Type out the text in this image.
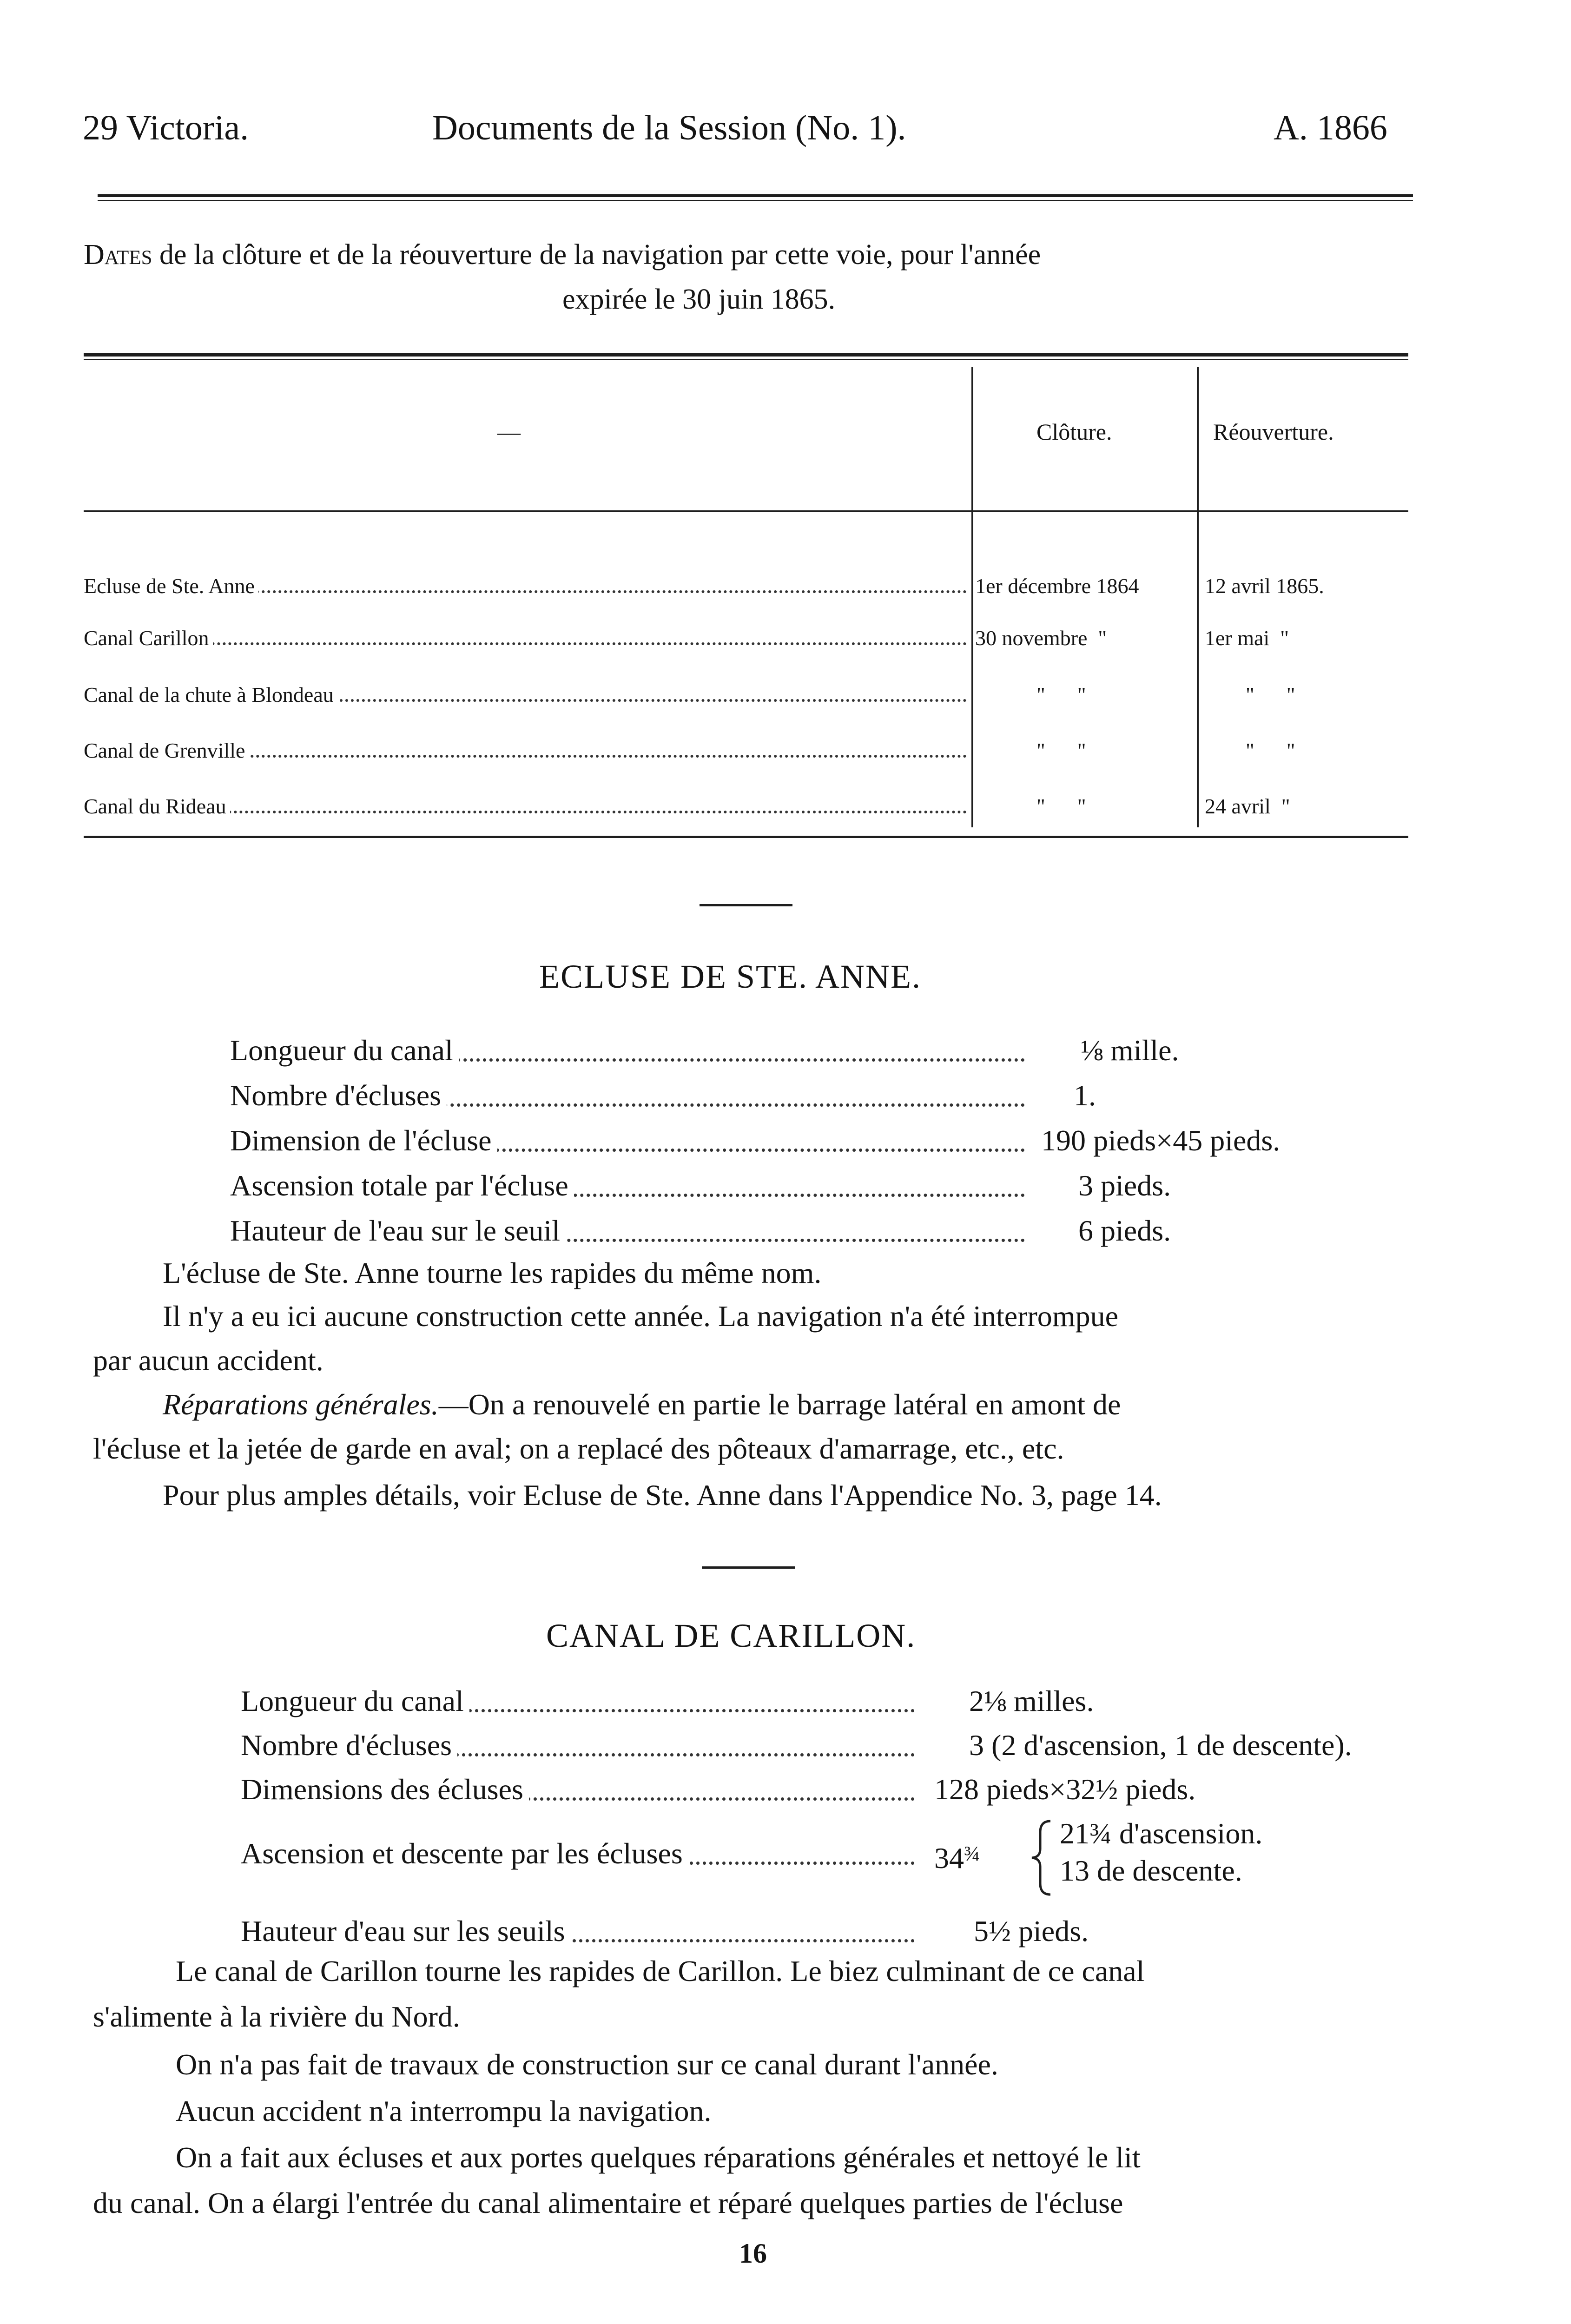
29 Victoria.	Documents de la Session (No. 1).	A. 1866
Dates de la clôture et de la réouverture de la navigation par cette voie, pour l'année
expirée le 30 juin 1865.
—	Clôture.	Réouverture.
Ecluse de Ste. Anne	1er décembre 1864	12 avril 1865.
Canal Carillon	30 novembre  "	1er mai  "
Canal de la chute à Blondeau	"      "	"      "
Canal de Grenville	"      "	"      "
Canal du Rideau	"      "	24 avril  "
ECLUSE DE STE. ANNE.
Longueur du canal	⅛ mille.
Nombre d'écluses	1.
Dimension de l'écluse	190 pieds×45 pieds.
Ascension totale par l'écluse	3 pieds.
Hauteur de l'eau sur le seuil	6 pieds.
L'écluse de Ste. Anne tourne les rapides du même nom.
Il n'y a eu ici aucune construction cette année. La navigation n'a été interrompue
par aucun accident.
Réparations générales.—On a renouvelé en partie le barrage latéral en amont de
l'écluse et la jetée de garde en aval; on a replacé des pôteaux d'amarrage, etc., etc.
Pour plus amples détails, voir Ecluse de Ste. Anne dans l'Appendice No. 3, page 14.
CANAL DE CARILLON.
Longueur du canal	2⅛ milles.
Nombre d'écluses	3 (2 d'ascension, 1 de descente).
Dimensions des écluses	128 pieds×32½ pieds.
Ascension et descente par les écluses	$34^{\frac{3}{4}}$
21¾ d'ascension.
13 de descente.
Hauteur d'eau sur les seuils	5½ pieds.
Le canal de Carillon tourne les rapides de Carillon. Le biez culminant de ce canal
s'alimente à la rivière du Nord.
On n'a pas fait de travaux de construction sur ce canal durant l'année.
Aucun accident n'a interrompu la navigation.
On a fait aux écluses et aux portes quelques réparations générales et nettoyé le lit
du canal. On a élargi l'entrée du canal alimentaire et réparé quelques parties de l'écluse
16
